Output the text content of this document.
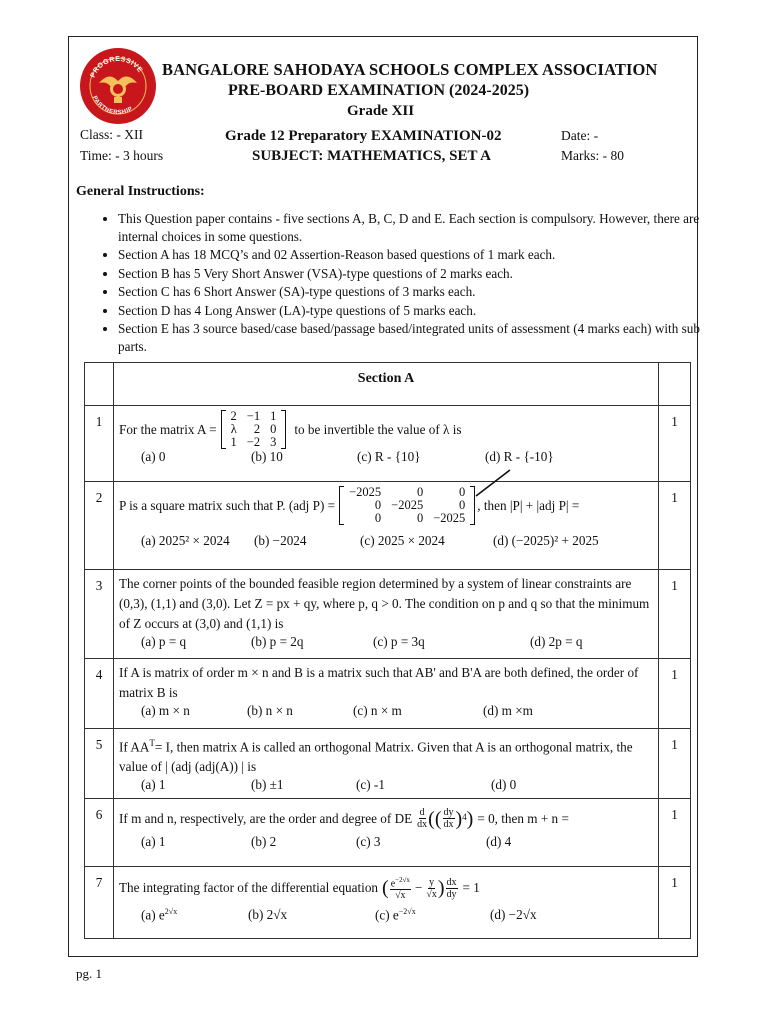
PROGRESSIVE
PARTNERSHIP
BANGALORE SAHODAYA SCHOOLS COMPLEX ASSOCIATION
PRE-BOARD EXAMINATION (2024-2025)
Grade XII
Class: - XII
Time: - 3 hours
Grade 12 Preparatory EXAMINATION-02
SUBJECT: MATHEMATICS, SET A
Date: -
Marks: - 80
General Instructions:
• This Question paper contains - five sections A, B, C, D and E. Each section is compulsory. However, there are internal choices in some questions.
• Section A has 18 MCQ’s and 02 Assertion-Reason based questions of 1 mark each.
• Section B has 5 Very Short Answer (VSA)-type questions of 2 marks each.
• Section C has 6 Short Answer (SA)-type questions of 3 marks each.
• Section D has 4 Long Answer (LA)-type questions of 5 marks each.
• Section E has 3 source based/case based/passage based/integrated units of assessment (4 marks each) with sub parts.
	Section A	
1	For the matrix A =
2	−1	1
λ	2	0
1	−2	3
to be invertible the value of λ is
(a) 0	(b) 10	(c) R - {10}	(d) R - {-10}
	1
2	P is a square matrix such that P. (adj P) =
−2025	0	0
0	−2025	0
0	0	−2025
, then |P| + |adj P| =
(a) 2025² × 2024	(b) −2024	(c) 2025 × 2024	(d) (−2025)² + 2025
	1
3	The corner points of the bounded feasible region determined by a system of linear constraints are (0,3), (1,1) and (3,0). Let Z = px + qy, where p, q > 0. The condition on p and q so that the minimum of Z occurs at (3,0) and (1,1) is
(a) p = q	(b) p = 2q	(c) p = 3q	(d) 2p = q
	1
4	If A is matrix of order m × n and B is a matrix such that AB' and B'A are both defined, the order of matrix B is
(a) m × n	(b) n × n	(c) n × m	(d) m ×m
	1
5	If $AA^T= I$, then matrix A is called an orthogonal Matrix. Given that A is an orthogonal matrix, the value of | (adj (adj(A)) | is
(a) 1	(b) ±1	(c) -1	(d) 0
	1
6	If m and n, respectively, are the order and degree of DE $\frac{d}{dx}$ (( $\frac{dy}{dx}$ ) 4 ) = 0, then m + n =
(a) 1	(b) 2	(c) 3	(d) 4
	1
7	The integrating factor of the differential equation ( $\frac{e^{-2√x}}{√x} - \frac{y}{√x}$ ) $\frac{dx}{dy} = 1$
(a) $e^{2√x}$	(b) 2√x	(c) $e^{-2√x}$	(d) −2√x
	1
pg. 1
